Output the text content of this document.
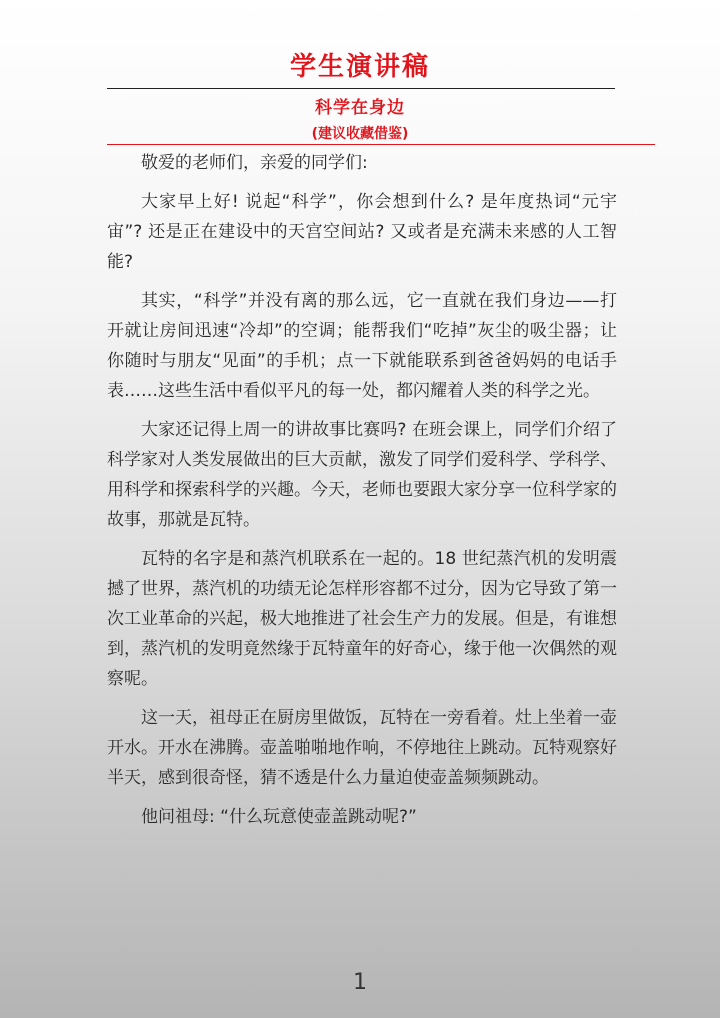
学生演讲稿
科学在身边
(建议收藏借鉴)

敬爱的老师们，亲爱的同学们:

大家早上好! 说起“科学”，你会想到什么? 是年度热词“元宇宙”? 还是正在建设中的天宫空间站? 又或者是充满未来感的人工智能?

其实，“科学”并没有离的那么远，它一直就在我们身边——打开就让房间迅速“冷却”的空调；能帮我们“吃掉”灰尘的吸尘器；让你随时与朋友“见面”的手机；点一下就能联系到爸爸妈妈的电话手表……这些生活中看似平凡的每一处，都闪耀着人类的科学之光。

大家还记得上周一的讲故事比赛吗? 在班会课上，同学们介绍了科学家对人类发展做出的巨大贡献，激发了同学们爱科学、学科学、用科学和探索科学的兴趣。今天，老师也要跟大家分享一位科学家的故事，那就是瓦特。

瓦特的名字是和蒸汽机联系在一起的。18 世纪蒸汽机的发明震撼了世界，蒸汽机的功绩无论怎样形容都不过分，因为它导致了第一次工业革命的兴起，极大地推进了社会生产力的发展。但是，有谁想到，蒸汽机的发明竟然缘于瓦特童年的好奇心，缘于他一次偶然的观察呢。

这一天，祖母正在厨房里做饭，瓦特在一旁看着。灶上坐着一壶开水。开水在沸腾。壶盖啪啪地作响，不停地往上跳动。瓦特观察好半天，感到很奇怪，猜不透是什么力量迫使壶盖频频跳动。

他问祖母: “什么玩意使壶盖跳动呢?”

1
